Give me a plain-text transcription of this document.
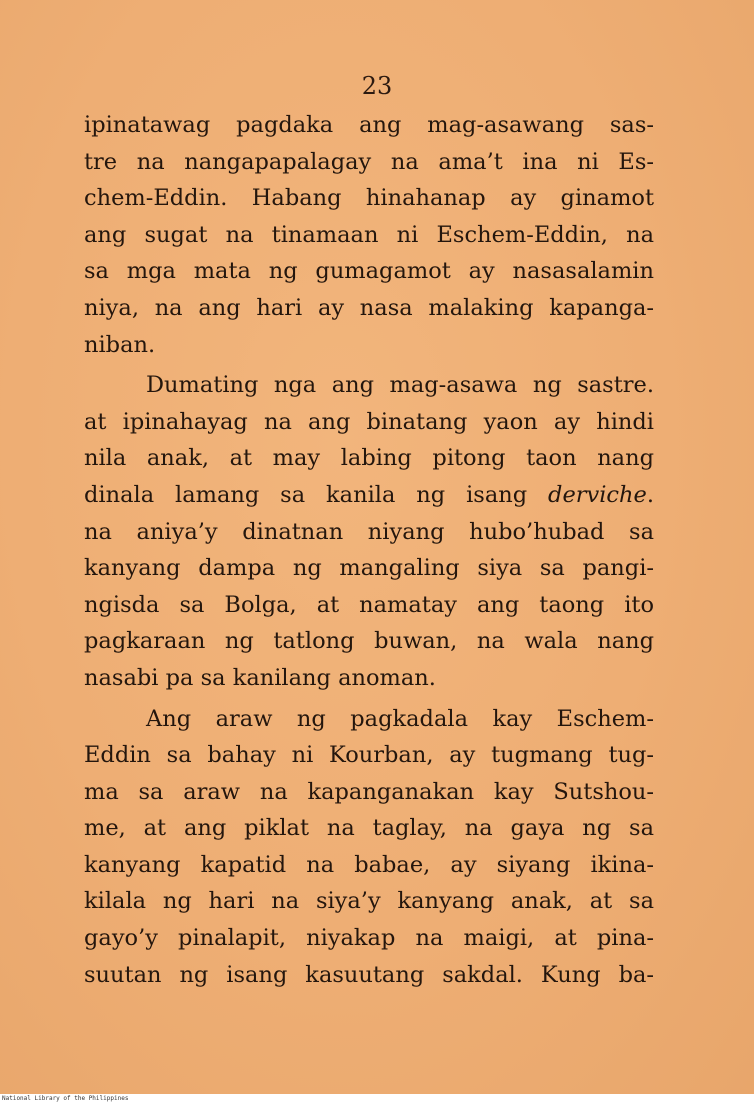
23
ipinatawag pagdaka ang mag-asawang sas-
tre na nangapapalagay na ama’t ina ni Es-
chem-Eddin. Habang hinahanap ay ginamot
ang sugat na tinamaan ni Eschem-Eddin, na
sa mga mata ng gumagamot ay nasasalamin
niya, na ang hari ay nasa malaking kapanga-
niban.
Dumating nga ang mag-asawa ng sastre.
at ipinahayag na ang binatang yaon ay hindi
nila anak, at may labing pitong taon nang
dinala lamang sa kanila ng isang derviche.
na aniya’y dinatnan niyang hubo’hubad sa
kanyang dampa ng mangaling siya sa pangi-
ngisda sa Bolga, at namatay ang taong ito
pagkaraan ng tatlong buwan, na wala nang
nasabi pa sa kanilang anoman.
Ang araw ng pagkadala kay Eschem-
Eddin sa bahay ni Kourban, ay tugmang tug-
ma sa araw na kapanganakan kay Sutshou-
me, at ang piklat na taglay, na gaya ng sa
kanyang kapatid na babae, ay siyang ikina-
kilala ng hari na siya’y kanyang anak, at sa
gayo’y pinalapit, niyakap na maigi, at pina-
suutan ng isang kasuutang sakdal. Kung ba-
National Library of the Philippines
